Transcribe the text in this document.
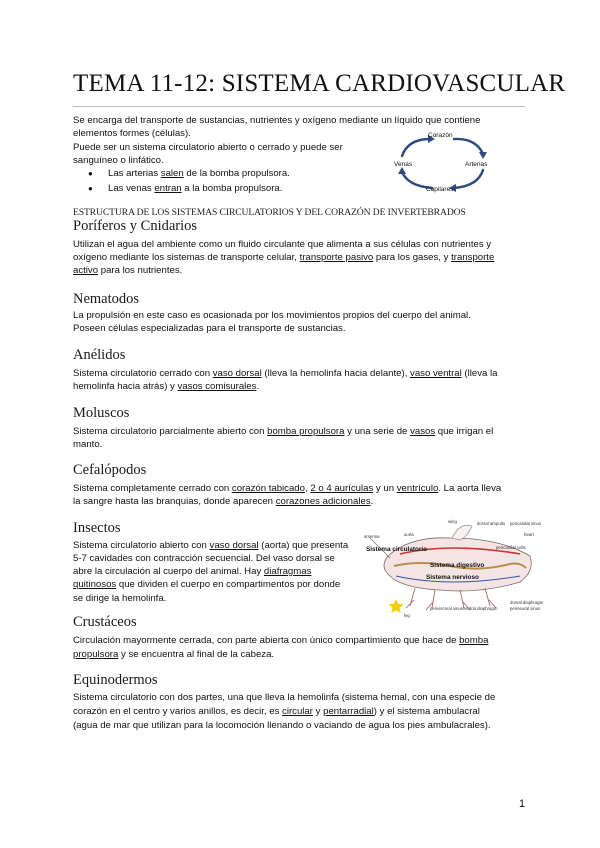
TEMA 11-12: SISTEMA CARDIOVASCULAR
Se encarga del transporte de sustancias, nutrientes y oxígeno mediante un líquido que contiene
elementos formes (células).
Puede ser un sistema circulatorio abierto o cerrado y puede ser
sanguíneo o linfático.
● Las arterias salen de la bomba propulsora.
● Las venas entran a la bomba propulsora.
Corazón
Arterias
Capilares
Venas
ESTRUCTURA DE LOS SISTEMAS CIRCULATORIOS Y DEL CORAZÓN DE INVERTEBRADOS
Poríferos y Cnidarios
Utilizan el agua del ambiente como un fluido circulante que alimenta a sus células con nutrientes y
oxígeno mediante los sistemas de transporte celular, transporte pasivo para los gases, y transporte
activo para los nutrientes.
Nematodos
La propulsión en este caso es ocasionada por los movimientos propios del cuerpo del animal.
Poseen células especializadas para el transporte de sustancias.
Anélidos
Sistema circulatorio cerrado con vaso dorsal (lleva la hemolinfa hacia delante), vaso ventral (lleva la
hemolinfa hacia atrás) y vasos comisurales.
Moluscos
Sistema circulatorio parcialmente abierto con bomba propulsora y una serie de vasos que irrigan el
manto.
Cefalópodos
Sistema completamente cerrado con corazón tabicado, 2 o 4 aurículas y un ventrículo. La aorta lleva
la sangre hasta las branquias, donde aparecen corazones adicionales.
Insectos
Sistema circulatorio abierto con vaso dorsal (aorta) que presenta
5-7 cavidades con contracción secuencial. Del vaso dorsal se
abre la circulación al cuerpo del animal. Hay diafragmas
quitinosos que dividen el cuerpo en compartimentos por donde
se dirige la hemolinfa.
wing	dorsal ampulla pericardial sinus
heart
antenna	aorta
pericardial cells
ventral diaphragm
perivisceral sinus
dorsal diaphragm
perineural sinus
leg
Sistema circulatorio
Sistema digestivo
Sistema nervioso
Crustáceos
Circulación mayormente cerrada, con parte abierta con único compartimiento que hace de bomba
propulsora y se encuentra al final de la cabeza.
Equinodermos
Sistema circulatorio con dos partes, una que lleva la hemolinfa (sistema hemal, con una especie de
corazón en el centro y varios anillos, es decir, es circular y pentarradial) y el sistema ambulacral
(agua de mar que utilizan para la locomoción llenando o vaciando de agua los pies ambulacrales).
1
